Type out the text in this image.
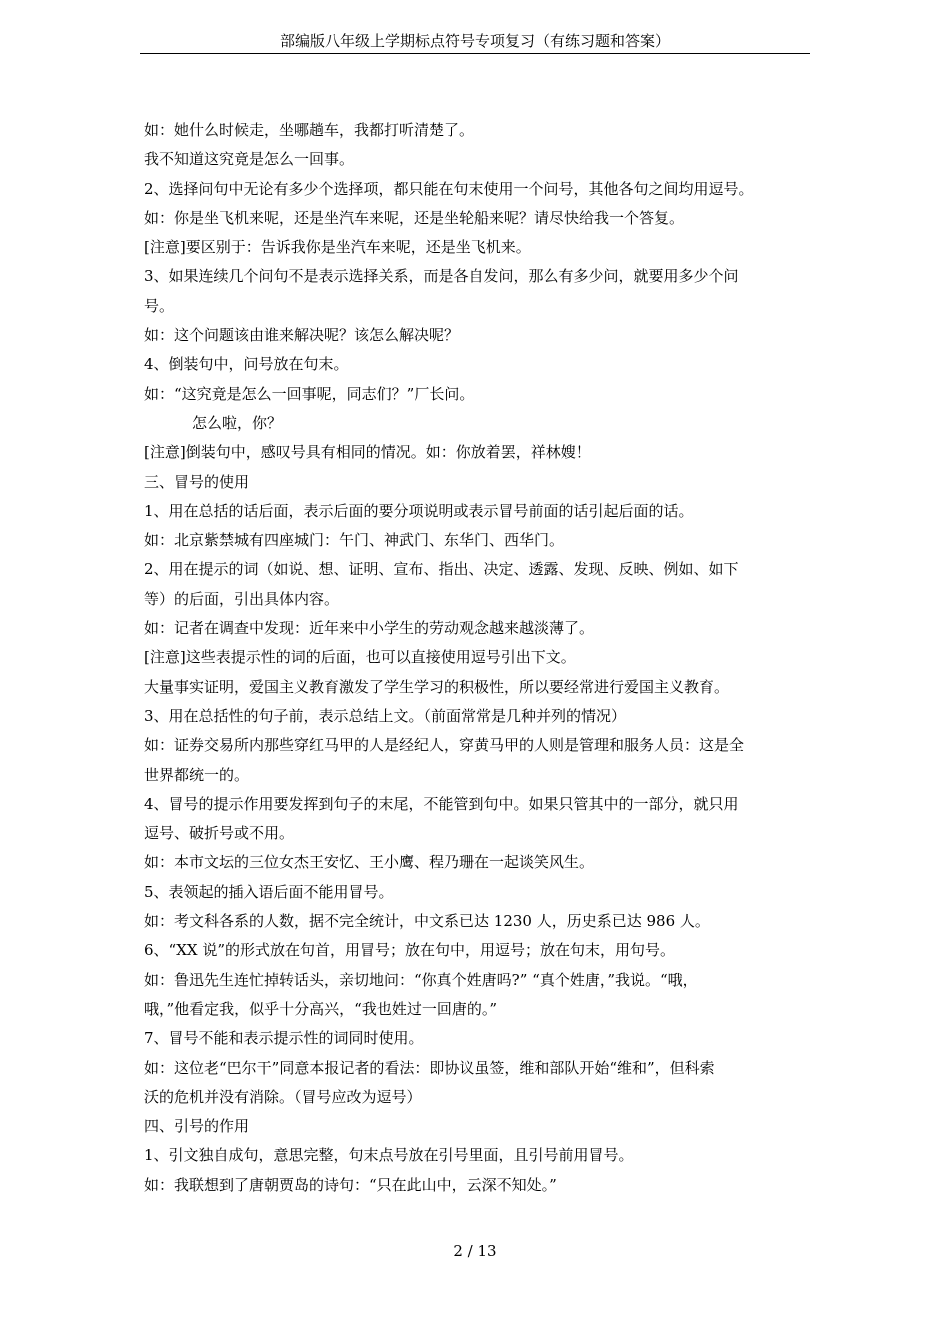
部编版八年级上学期标点符号专项复习（有练习题和答案）
如：她什么时候走，坐哪趟车，我都打听清楚了。
我不知道这究竟是怎么一回事。
2、选择问句中无论有多少个选择项，都只能在句末使用一个问号，其他各句之间均用逗号。
如：你是坐飞机来呢，还是坐汽车来呢，还是坐轮船来呢？请尽快给我一个答复。
[注意]要区别于：告诉我你是坐汽车来呢，还是坐飞机来。
3、如果连续几个问句不是表示选择关系，而是各自发问，那么有多少问，就要用多少个问
号。
如：这个问题该由谁来解决呢？该怎么解决呢？
4、倒装句中，问号放在句末。
如：“这究竟是怎么一回事呢，同志们？”厂长问。
怎么啦，你？
[注意]倒装句中，感叹号具有相同的情况。如：你放着罢，祥林嫂！
三、冒号的使用
1、用在总括的话后面，表示后面的要分项说明或表示冒号前面的话引起后面的话。
如：北京紫禁城有四座城门：午门、神武门、东华门、西华门。
2、用在提示的词（如说、想、证明、宣布、指出、决定、透露、发现、反映、例如、如下
等）的后面，引出具体内容。
如：记者在调查中发现：近年来中小学生的劳动观念越来越淡薄了。
[注意]这些表提示性的词的后面，也可以直接使用逗号引出下文。
大量事实证明，爱国主义教育激发了学生学习的积极性，所以要经常进行爱国主义教育。
3、用在总括性的句子前，表示总结上文。（前面常常是几种并列的情况）
如：证券交易所内那些穿红马甲的人是经纪人，穿黄马甲的人则是管理和服务人员：这是全
世界都统一的。
4、冒号的提示作用要发挥到句子的末尾，不能管到句中。如果只管其中的一部分，就只用
逗号、破折号或不用。
如：本市文坛的三位女杰王安忆、王小鹰、程乃珊在一起谈笑风生。
5、表领起的插入语后面不能用冒号。
如：考文科各系的人数，据不完全统计，中文系已达 1230 人，历史系已达 986 人。
6、“XX 说”的形式放在句首，用冒号；放在句中，用逗号；放在句末，用句号。
如：鲁迅先生连忙掉转话头，亲切地问：“你真个姓唐吗?” “真个姓唐，”我说。“哦，
哦，”他看定我，似乎十分高兴，“我也姓过一回唐的。”
7、冒号不能和表示提示性的词同时使用。
如：这位老“巴尔干”同意本报记者的看法：即协议虽签，维和部队开始“维和”，但科索
沃的危机并没有消除。（冒号应改为逗号）
四、引号的作用
1、引文独自成句，意思完整，句末点号放在引号里面，且引号前用冒号。
如：我联想到了唐朝贾岛的诗句：“只在此山中，云深不知处。”
2 / 13
